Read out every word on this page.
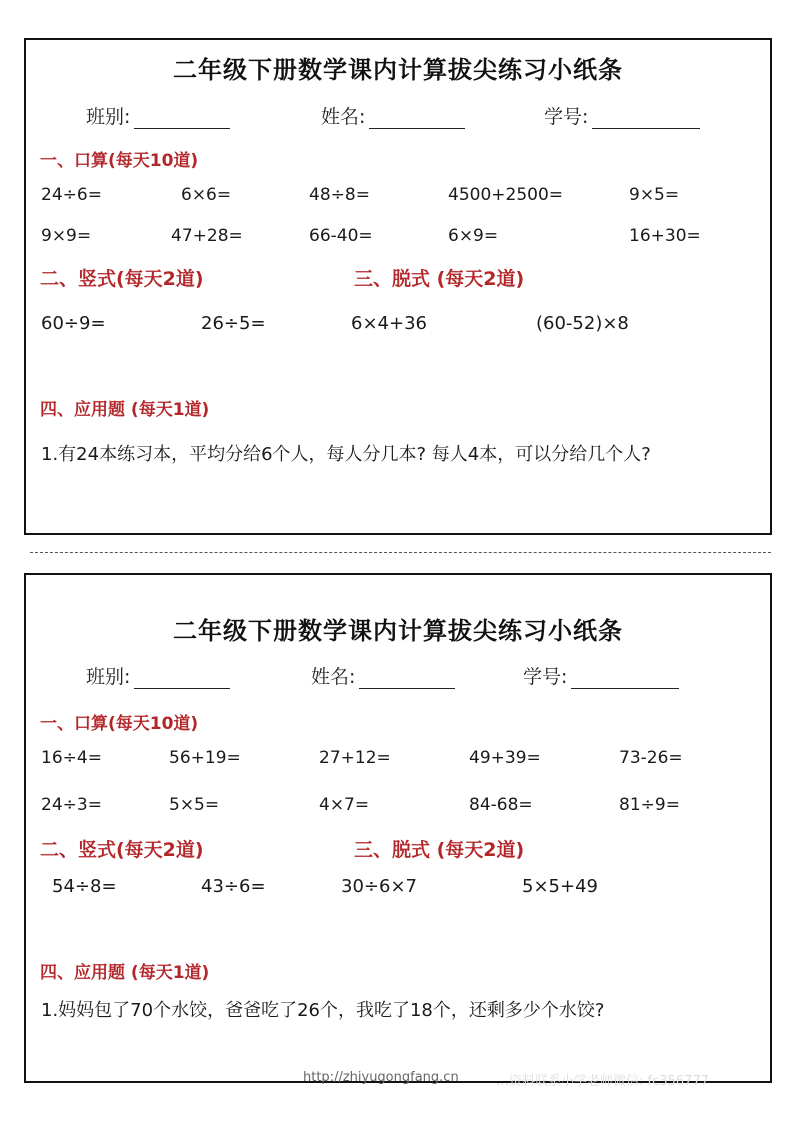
二年级下册数学课内计算拔尖练习小纸条
班别:	姓名:	学号:
一、口算(每天10道)
24÷6=	6×6=	48÷8=	4500+2500=	9×5=
9×9=	47+28=	66-40=	6×9=	16+30=
二、竖式(每天2道)	三、脱式 (每天2道)
60÷9=	26÷5=	6×4+36	(60-52)×8
四、应用题 (每天1道)
1.有24本练习本，平均分给6个人，每人分几本? 每人4本，可以分给几个人?
二年级下册数学课内计算拔尖练习小纸条
班别:	姓名:	学号:
一、口算(每天10道)
16÷4=	56+19=	27+12=	49+39=	73-26=
24÷3=	5×5=	4×7=	84-68=	81÷9=
二、竖式(每天2道)	三、脱式 (每天2道)
54÷8=	43÷6=	30÷6×7	5×5+49
四、应用题 (每天1道)
1.妈妈包了70个水饺，爸爸吃了26个，我吃了18个，还剩多少个水饺?
http://zhiyugongfang.cn	…资料联系小学老师微信: fc356777
